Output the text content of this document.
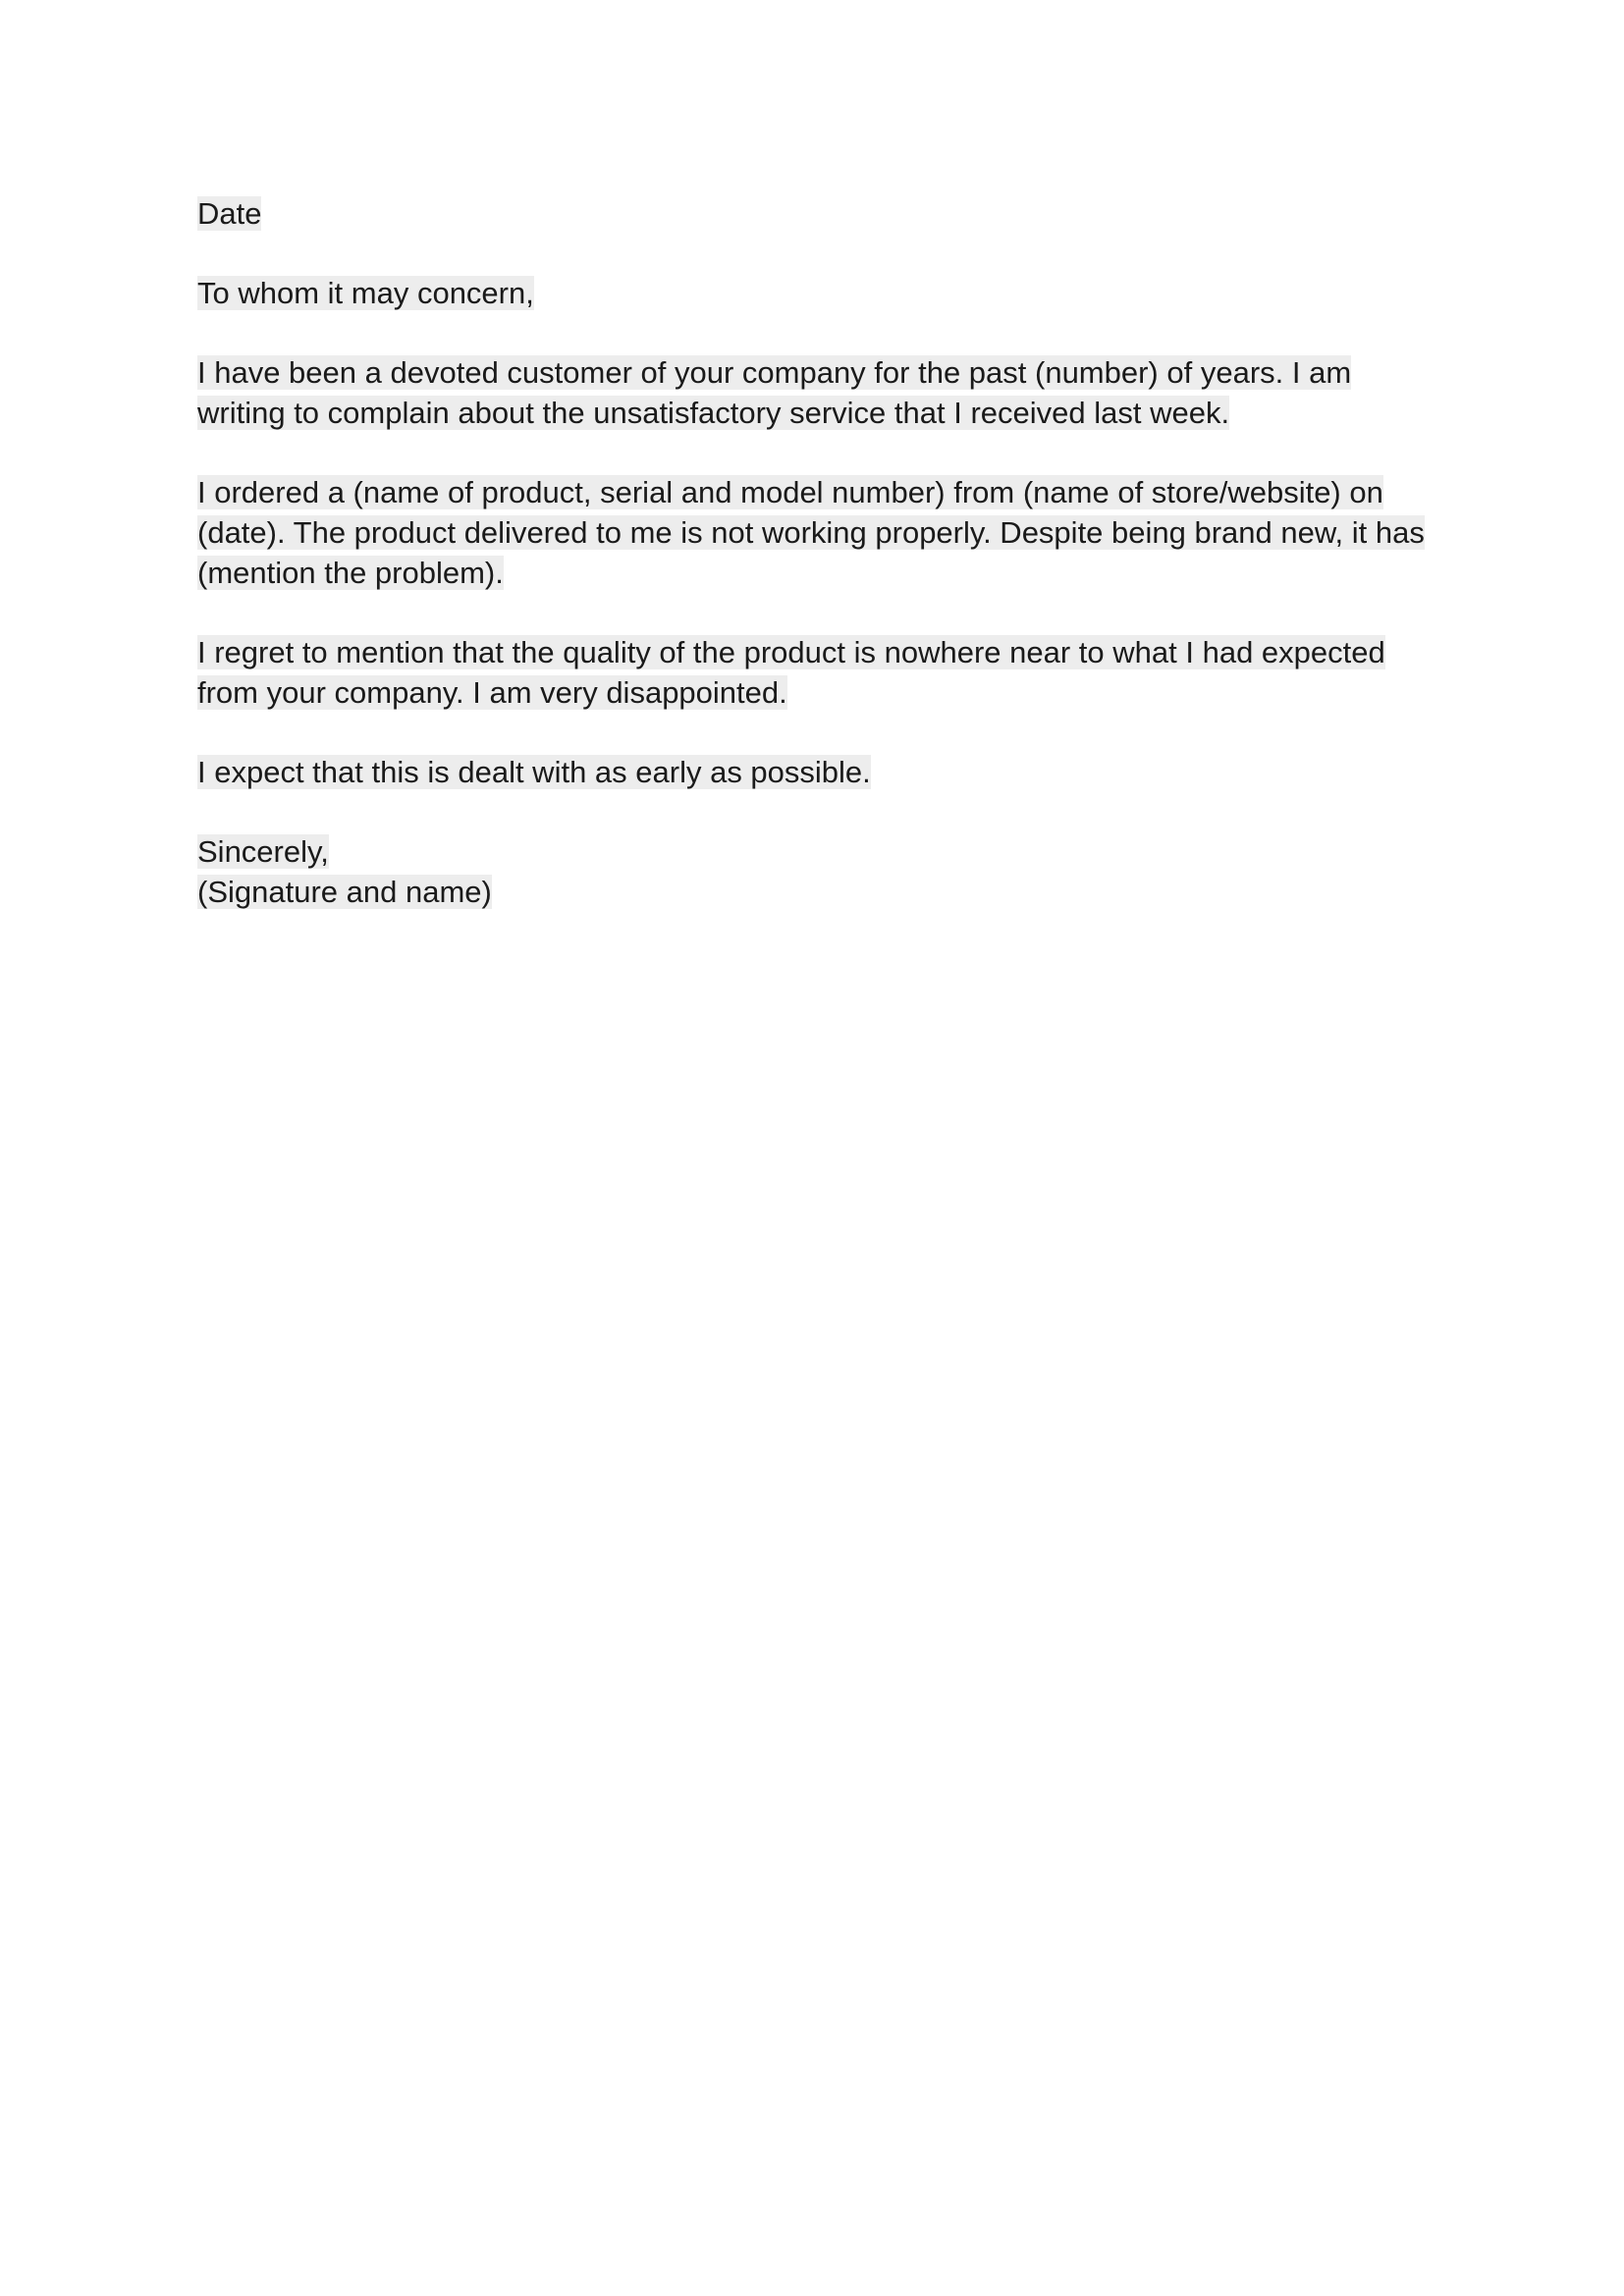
Date

To whom it may concern,

I have been a devoted customer of your company for the past (number) of years. I am
writing to complain about the unsatisfactory service that I received last week.

I ordered a (name of product, serial and model number) from (name of store/website) on
(date). The product delivered to me is not working properly. Despite being brand new, it has
(mention the problem).

I regret to mention that the quality of the product is nowhere near to what I had expected
from your company. I am very disappointed.

I expect that this is dealt with as early as possible.

Sincerely,
(Signature and name)
